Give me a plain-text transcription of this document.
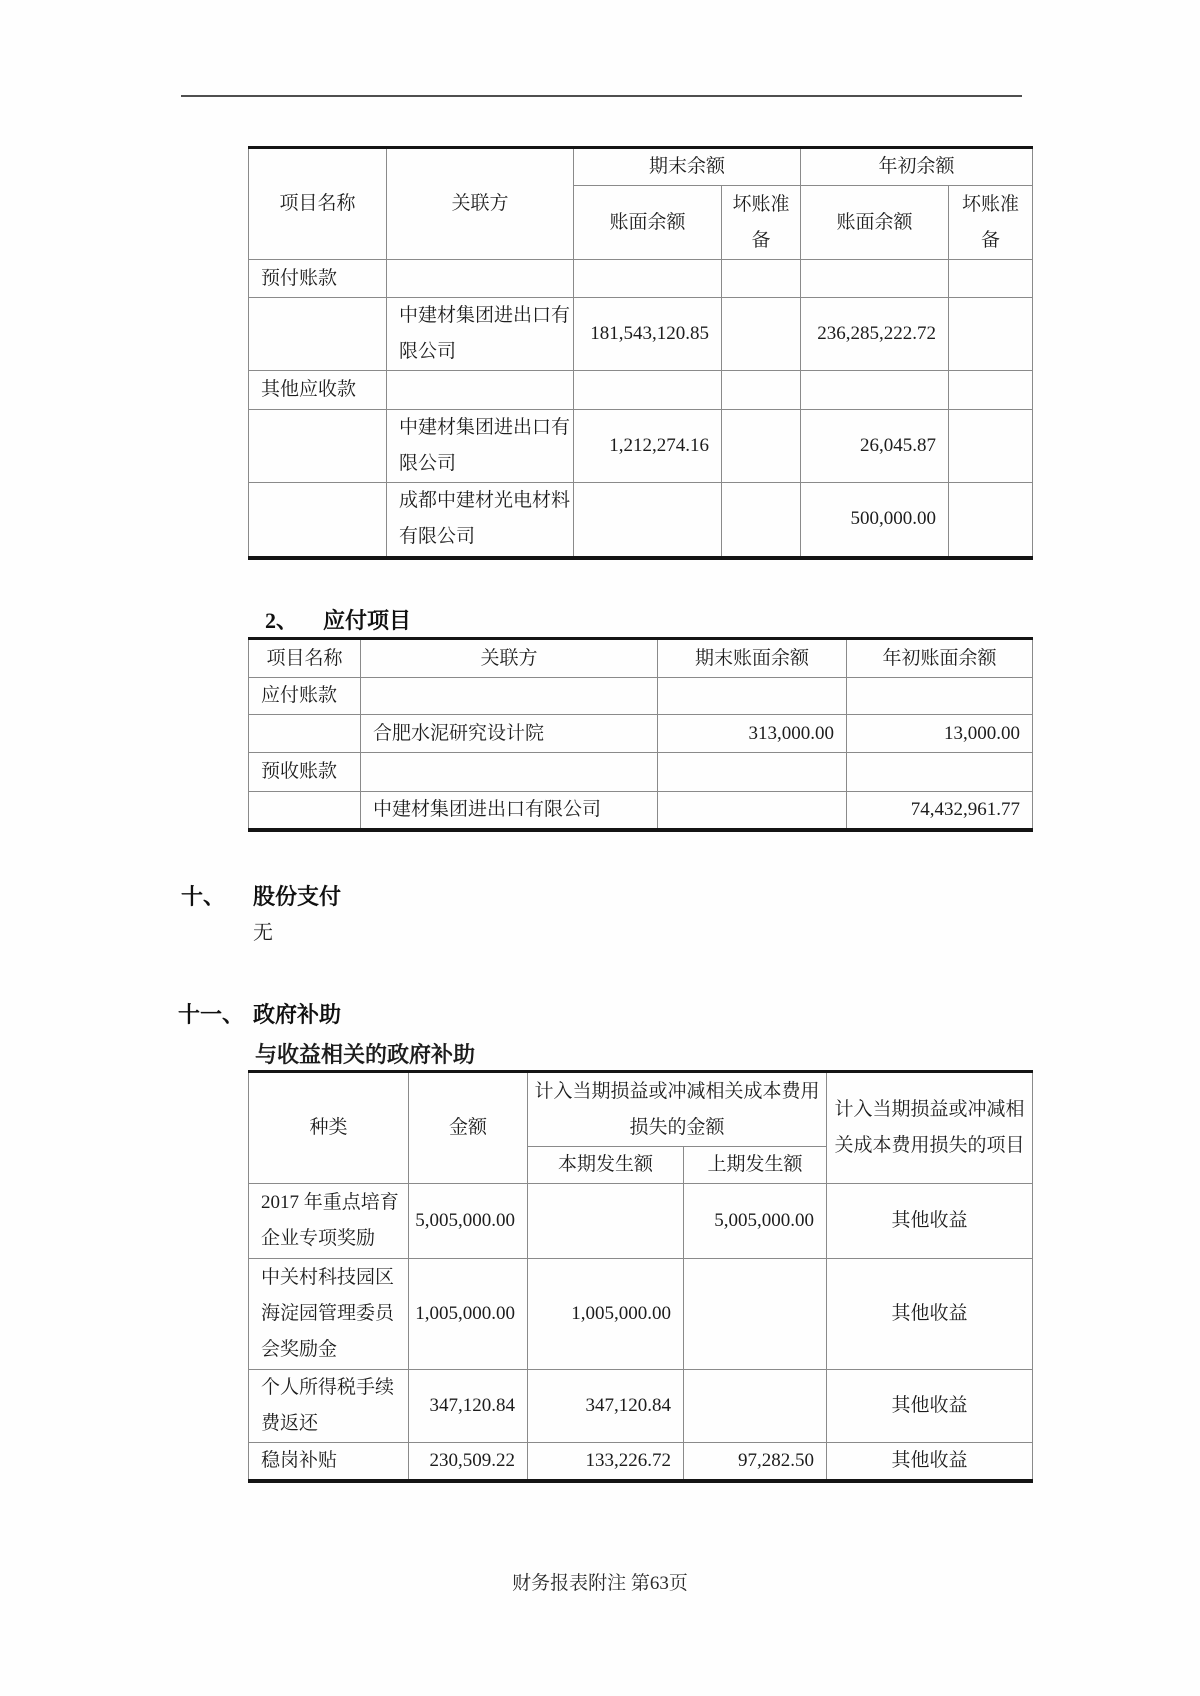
项目名称	关联方	期末余额		年初余额	
		账面余额	坏账准备	账面余额	坏账准备
预付账款					
	中建材集团进出口有限公司	181,543,120.85		236,285,222.72	
其他应收款					
	中建材集团进出口有限公司	1,212,274.16		26,045.87	
	成都中建材光电材料有限公司			500,000.00	
2、 应付项目
项目名称	关联方	期末账面余额	年初账面余额
应付账款			
	合肥水泥研究设计院	313,000.00	13,000.00
预收账款			
	中建材集团进出口有限公司		74,432,961.77
十、 股份支付
无
十一、 政府补助
与收益相关的政府补助
种类	金额	计入当期损益或冲减相关成本费用损失的金额		计入当期损益或冲减相关成本费用损失的项目
		本期发生额	上期发生额	
2017 年重点培育企业专项奖励	5,005,000.00		5,005,000.00	其他收益
中关村科技园区海淀园管理委员会奖励金	1,005,000.00	1,005,000.00		其他收益
个人所得税手续费返还	347,120.84	347,120.84		其他收益
稳岗补贴	230,509.22	133,226.72	97,282.50	其他收益
财务报表附注 第63页
